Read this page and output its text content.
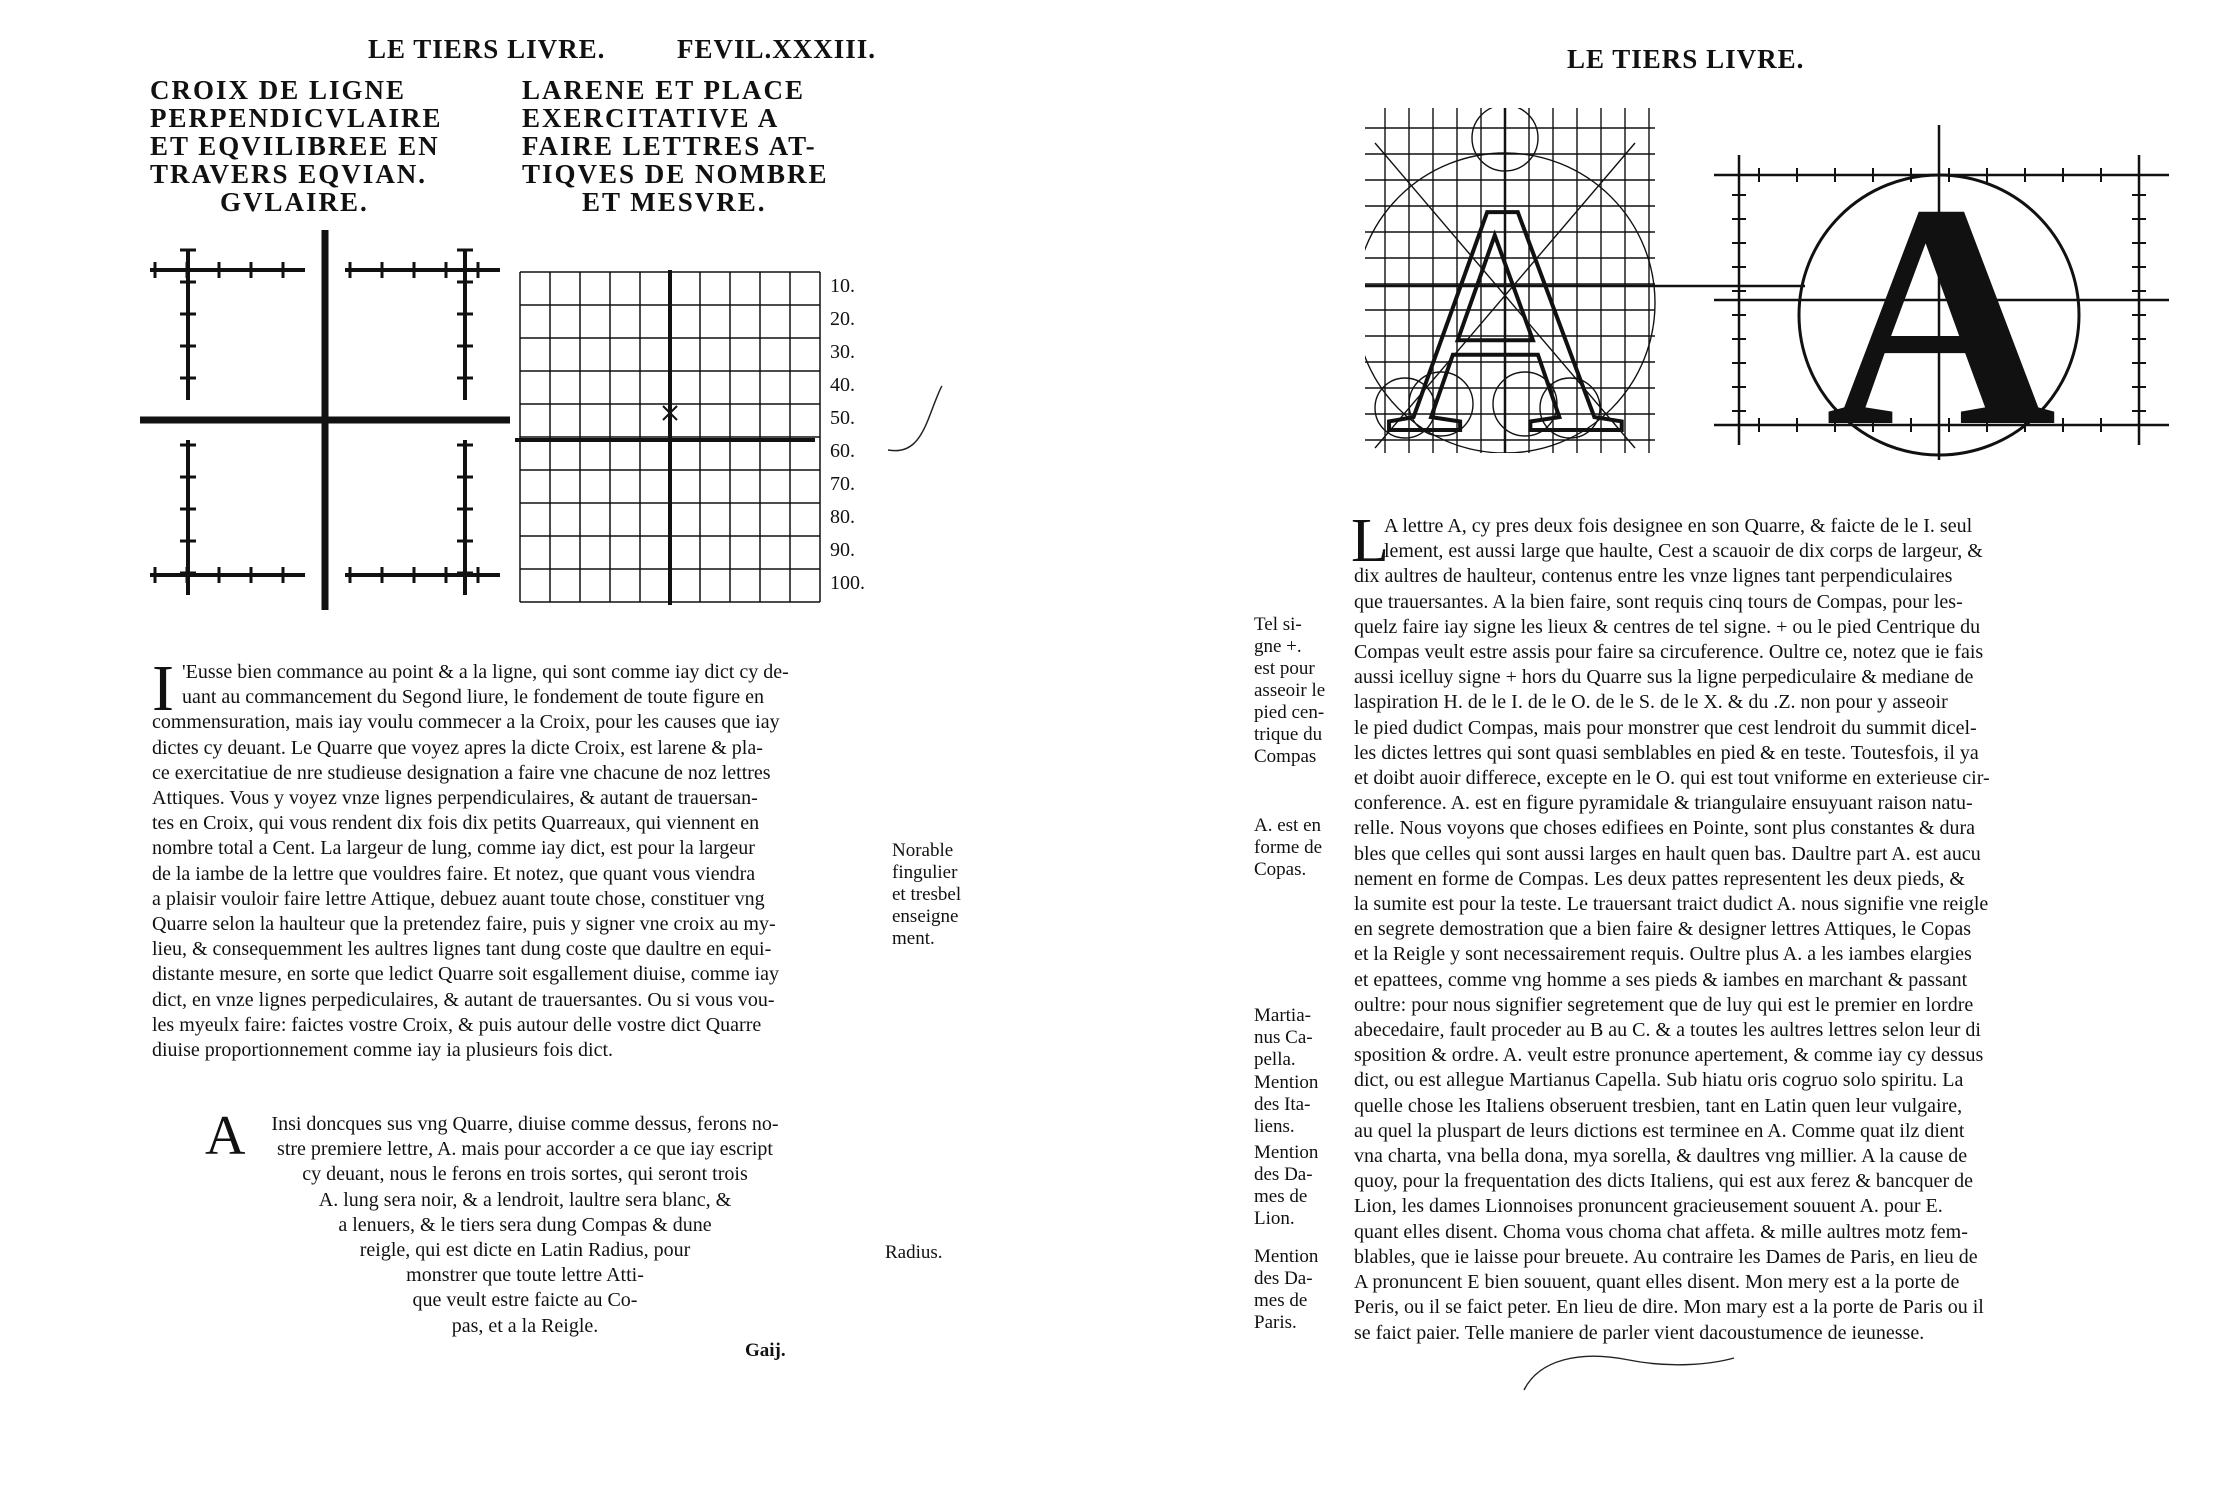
LE TIERS LIVRE.	FEVIL.XXXIII.
CROIX DE LIGNE
PERPENDICVLAIRE
ET EQVILIBREE EN
TRAVERS EQVIAN.
GVLAIRE.
LARENE ET PLACE
EXERCITATIVE A
FAIRE LETTRES AT-
TIQVES DE NOMBRE
ET MESVRE.
10.
20.
30.
40.
50.
60.
70.
80.
90.
100.
I 'Eusse bien commance au point & a la ligne, qui sont comme iay dict cy de-
uant au commancement du Segond liure, le fondement de toute figure en
commensuration, mais iay voulu commecer a la Croix, pour les causes que iay
dictes cy deuant. Le Quarre que voyez apres la dicte Croix, est larene & pla-
ce exercitatiue de nre studieuse designation a faire vne chacune de noz lettres
Attiques. Vous y voyez vnze lignes perpendiculaires, & autant de trauersan-
tes en Croix, qui vous rendent dix fois dix petits Quarreaux, qui viennent en
nombre total a Cent. La largeur de lung, comme iay dict, est pour la largeur
de la iambe de la lettre que vouldres faire. Et notez, que quant vous viendra
a plaisir vouloir faire lettre Attique, debuez auant toute chose, constituer vng
Quarre selon la haulteur que la pretendez faire, puis y signer vne croix au my-
lieu, & consequemment les aultres lignes tant dung coste que daultre en equi-
distante mesure, en sorte que ledict Quarre soit esgallement diuise, comme iay
dict, en vnze lignes perpediculaires, & autant de trauersantes. Ou si vous vou-
les myeulx faire: faictes vostre Croix, & puis autour delle vostre dict Quarre
diuise proportionnement comme iay ia plusieurs fois dict.
Norable
fingulier
et tresbel
enseigne
ment.
A	Insi doncques sus vng Quarre, diuise comme dessus, ferons no-
stre premiere lettre, A. mais pour accorder a ce que iay escript
cy deuant, nous le ferons en trois sortes, qui seront trois
A. lung sera noir, & a lendroit, laultre sera blanc, &
a lenuers, & le tiers sera dung Compas & dune
reigle, qui est dicte en Latin Radius, pour
monstrer que toute lettre Atti-
que veult estre faicte au Co-
pas, et a la Reigle.
Radius.
Gaij.
LE TIERS LIVRE.
A A
L
A lettre A, cy pres deux fois designee en son Quarre, & faicte de le I. seul
lement, est aussi large que haulte, Cest a scauoir de dix corps de largeur, &
dix aultres de haulteur, contenus entre les vnze lignes tant perpendiculaires
que trauersantes. A la bien faire, sont requis cinq tours de Compas, pour les-
quelz faire iay signe les lieux & centres de tel signe. + ou le pied Centrique du
Compas veult estre assis pour faire sa circuference. Oultre ce, notez que ie fais
aussi icelluy signe + hors du Quarre sus la ligne perpediculaire & mediane de
laspiration H. de le I. de le O. de le S. de le X. & du .Z. non pour y asseoir
le pied dudict Compas, mais pour monstrer que cest lendroit du summit dicel-
les dictes lettres qui sont quasi semblables en pied & en teste. Toutesfois, il ya
et doibt auoir differece, excepte en le O. qui est tout vniforme en exterieuse cir-
conference. A. est en figure pyramidale & triangulaire ensuyuant raison natu-
relle. Nous voyons que choses edifiees en Pointe, sont plus constantes & dura
bles que celles qui sont aussi larges en hault quen bas. Daultre part A. est aucu
nement en forme de Compas. Les deux pattes representent les deux pieds, &
la sumite est pour la teste. Le trauersant traict dudict A. nous signifie vne reigle
en segrete demostration que a bien faire & designer lettres Attiques, le Copas
et la Reigle y sont necessairement requis. Oultre plus A. a les iambes elargies
et epattees, comme vng homme a ses pieds & iambes en marchant & passant
oultre: pour nous signifier segretement que de luy qui est le premier en lordre
abecedaire, fault proceder au B au C. & a toutes les aultres lettres selon leur di
sposition & ordre. A. veult estre pronunce apertement, & comme iay cy dessus
dict, ou est allegue Martianus Capella. Sub hiatu oris cogruo solo spiritu. La
quelle chose les Italiens obseruent tresbien, tant en Latin quen leur vulgaire,
au quel la pluspart de leurs dictions est terminee en A. Comme quat ilz dient
vna charta, vna bella dona, mya sorella, & daultres vng millier. A la cause de
quoy, pour la frequentation des dicts Italiens, qui est aux ferez & bancquer de
Lion, les dames Lionnoises pronuncent gracieusement souuent A. pour E.
quant elles disent. Choma vous choma chat affeta. & mille aultres motz fem-
blables, que ie laisse pour breuete. Au contraire les Dames de Paris, en lieu de
A pronuncent E bien souuent, quant elles disent. Mon mery est a la porte de
Peris, ou il se faict peter. En lieu de dire. Mon mary est a la porte de Paris ou il
se faict paier. Telle maniere de parler vient dacoustumence de ieunesse.
Tel si-
gne +.
est pour
asseoir le
pied cen-
trique du
Compas
A. est en
forme de
Copas.
Martia-
nus Ca-
pella.
Mention
des Ita-
liens.
Mention
des Da-
mes de
Lion.
Mention
des Da-
mes de
Paris.
